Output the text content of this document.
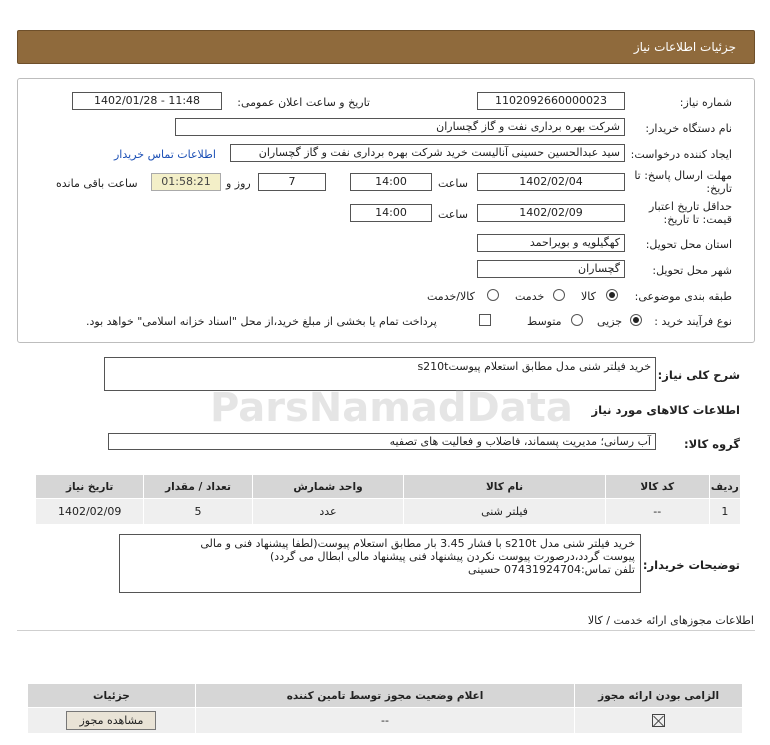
جزئیات اطلاعات نیاز
شماره نیاز:
1102092660000023
تاریخ و ساعت اعلان عمومی:
1402/01/28 - 11:48
نام دستگاه خریدار:
شرکت بهره برداری نفت و گاز گچساران
ایجاد کننده درخواست:
سید عبدالحسین حسینی آنالیست خرید شرکت بهره برداری نفت و گاز گچساران
اطلاعات تماس خریدار
مهلت ارسال پاسخ: تا
تاریخ:
1402/02/04
ساعت
14:00
7
روز و
01:58:21
ساعت باقی مانده
حداقل تاریخ اعتبار
قیمت: تا تاریخ:
1402/02/09
ساعت
14:00
استان محل تحویل:
کهگیلویه و بویراحمد
شهر محل تحویل:
گچساران
طبقه بندی موضوعی:
کالا
خدمت
کالا/خدمت
نوع فرآیند خرید :
جزیی
متوسط
پرداخت تمام یا بخشی از مبلغ خرید،از محل "اسناد خزانه اسلامی" خواهد بود.
شرح کلی نیاز:
خرید فیلتر شنی مدل مطابق استعلام پیوستs210t
ParsNamadData اطلاعات کالاهای مورد نیاز
گروه کالا:
آب رسانی؛ مدیریت پسماند، فاضلاب و فعالیت های تصفیه
ردیف	کد کالا	نام کالا	واحد شمارش	تعداد / مقدار	تاریخ نیاز
1	--	فیلتر شنی	عدد	5	1402/02/09
توضیحات خریدار:
خرید فیلتر شنی مدل s210t با فشار 3.45 بار مطابق استعلام پیوست(لطفا پیشنهاد فنی و مالی
پیوست گردد،درصورت پیوست نکردن پیشنهاد فنی پیشنهاد مالی ابطال می گردد)
تلفن تماس:07431924704 حسینی
اطلاعات مجوزهای ارائه خدمت / کالا
الزامی بودن ارائه مجوز	اعلام وضعیت مجوز توسط تامین کننده	جزئیات
	--	مشاهده مجوز
